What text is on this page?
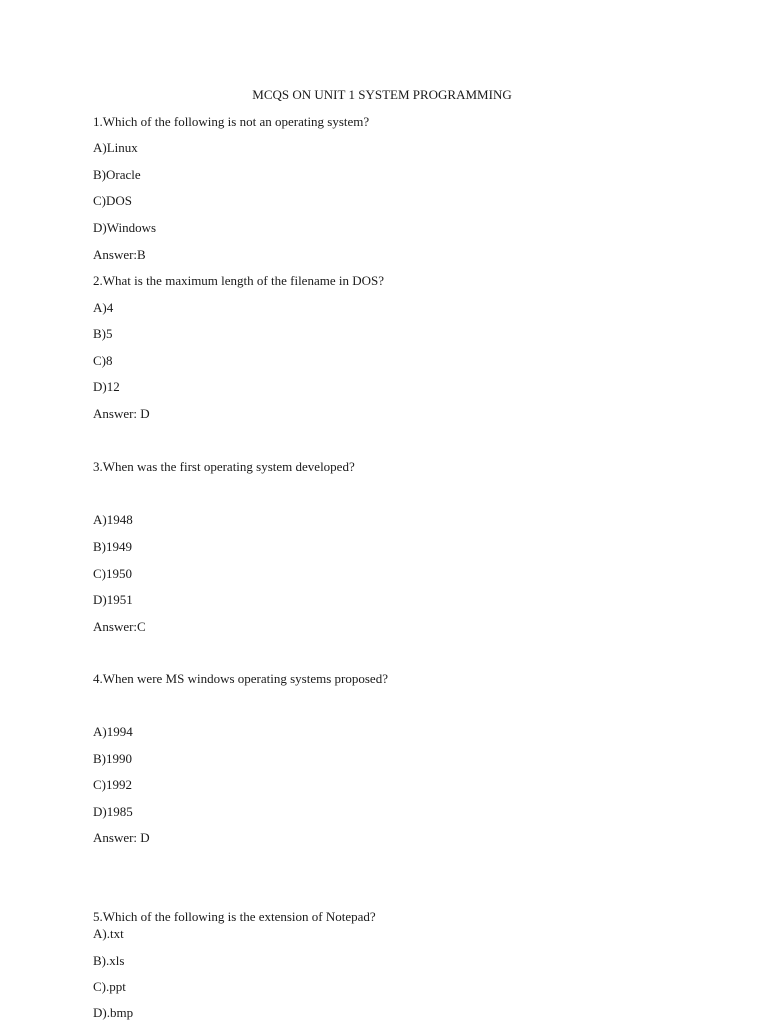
MCQS ON UNIT 1 SYSTEM PROGRAMMING
1.Which of the following is not an operating system?
A)Linux
B)Oracle
C)DOS
D)Windows
Answer:B
2.What is the maximum length of the filename in DOS?
A)4
B)5
C)8
D)12
Answer: D
3.When was the first operating system developed?
A)1948
B)1949
C)1950
D)1951
Answer:C
4.When were MS windows operating systems proposed?
A)1994
B)1990
C)1992
D)1985
Answer: D
5.Which of the following is the extension of Notepad?
A).txt
B).xls
C).ppt
D).bmp
